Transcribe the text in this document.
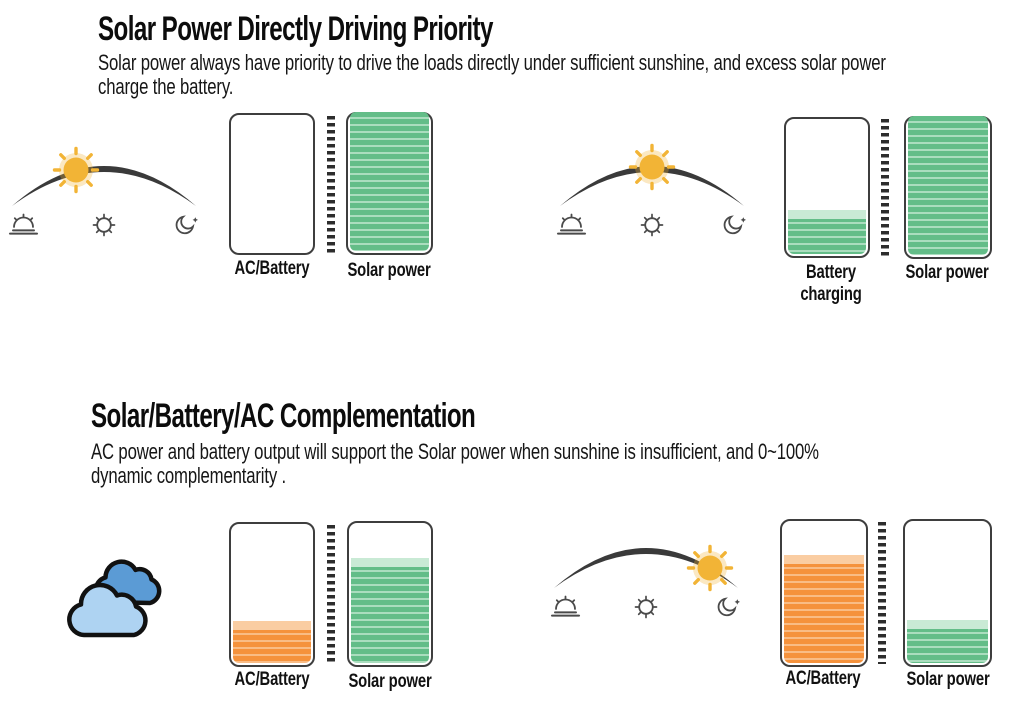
Solar Power Directly Driving Priority
Solar power always have priority to drive the loads directly under sufficient sunshine, and excess solar power
charge the battery.
AC/Battery	Solar power	Battery charging
Solar power
Solar/Battery/AC Complementation
AC power and battery output will support the Solar power when sunshine is insufficient, and 0~100%
dynamic complementarity .
AC/Battery	Solar power	AC/Battery	Solar power
